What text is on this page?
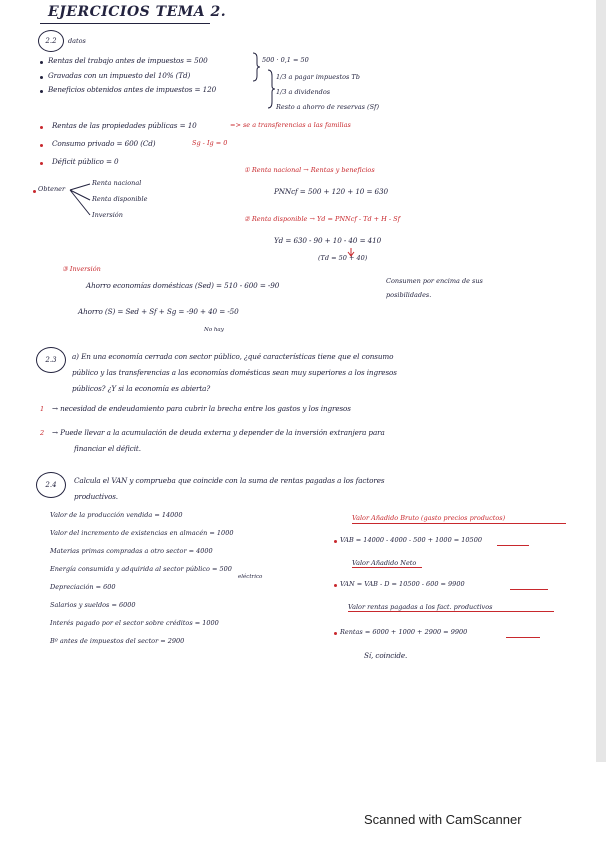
EJERCICIOS TEMA 2.
2.2	datos
Rentas del trabajo antes de impuestos = 500	500 · 0,1 = 50
Gravadas con un impuesto del 10% (Td)	1/3 a pagar impuestos Tb
Beneficios obtenidos antes de impuestos = 120	1/3 a dividendos
Resto a ahorro de reservas (Sf)
Rentas de las propiedades públicas = 10	=> se a transferencias a las familias
Consumo privado = 600 (Cd)	Sg - Ig = 0
Déficit público = 0
Obtener
Renta nacional
Renta disponible
Inversión
① Renta nacional → Rentas y beneficios
PNNcf = 500 + 120 + 10 = 630
② Renta disponible → Yd = PNNcf - Td + H - Sf
Yd = 630 - 90 + 10 - 40 = 410
(Td = 50 + 40)
③ Inversión
Ahorro economías domésticas (Sed) = 510 - 600 = -90	Consumen por encima de sus
posibilidades.
Ahorro (S) = Sed + Sf + Sg = -90 + 40 = -50
No hay
2.3	a) En una economía cerrada con sector público, ¿qué características tiene que el consumo
público y las transferencias a las economías domésticas sean muy superiores a los ingresos
públicos? ¿Y si la economía es abierta?
1 → necesidad de endeudamiento para cubrir la brecha entre los gastos y los ingresos
2 → Puede llevar a la acumulación de deuda externa y depender de la inversión extranjera para
financiar el déficit.
2.4	Calcula el VAN y comprueba que coincide con la suma de rentas pagadas a los factores
productivos.
Valor de la producción vendida = 14000
Valor del incremento de existencias en almacén = 1000
Materias primas compradas a otro sector = 4000
Energía consumida y adquirida al sector público = 500
eléctrico
Depreciación = 600
Salarios y sueldos = 6000
Interés pagado por el sector sobre créditos = 1000
Bº antes de impuestos del sector = 2900
Valor Añadido Bruto (gasto precios productos)
VAB = 14000 - 4000 - 500 + 1000 = 10500
Valor Añadido Neto
VAN = VAB - D = 10500 - 600 = 9900
Valor rentas pagadas a los fact. productivos
Rentas = 6000 + 1000 + 2900 = 9900
Sí, coincide.
Scanned with CamScanner
